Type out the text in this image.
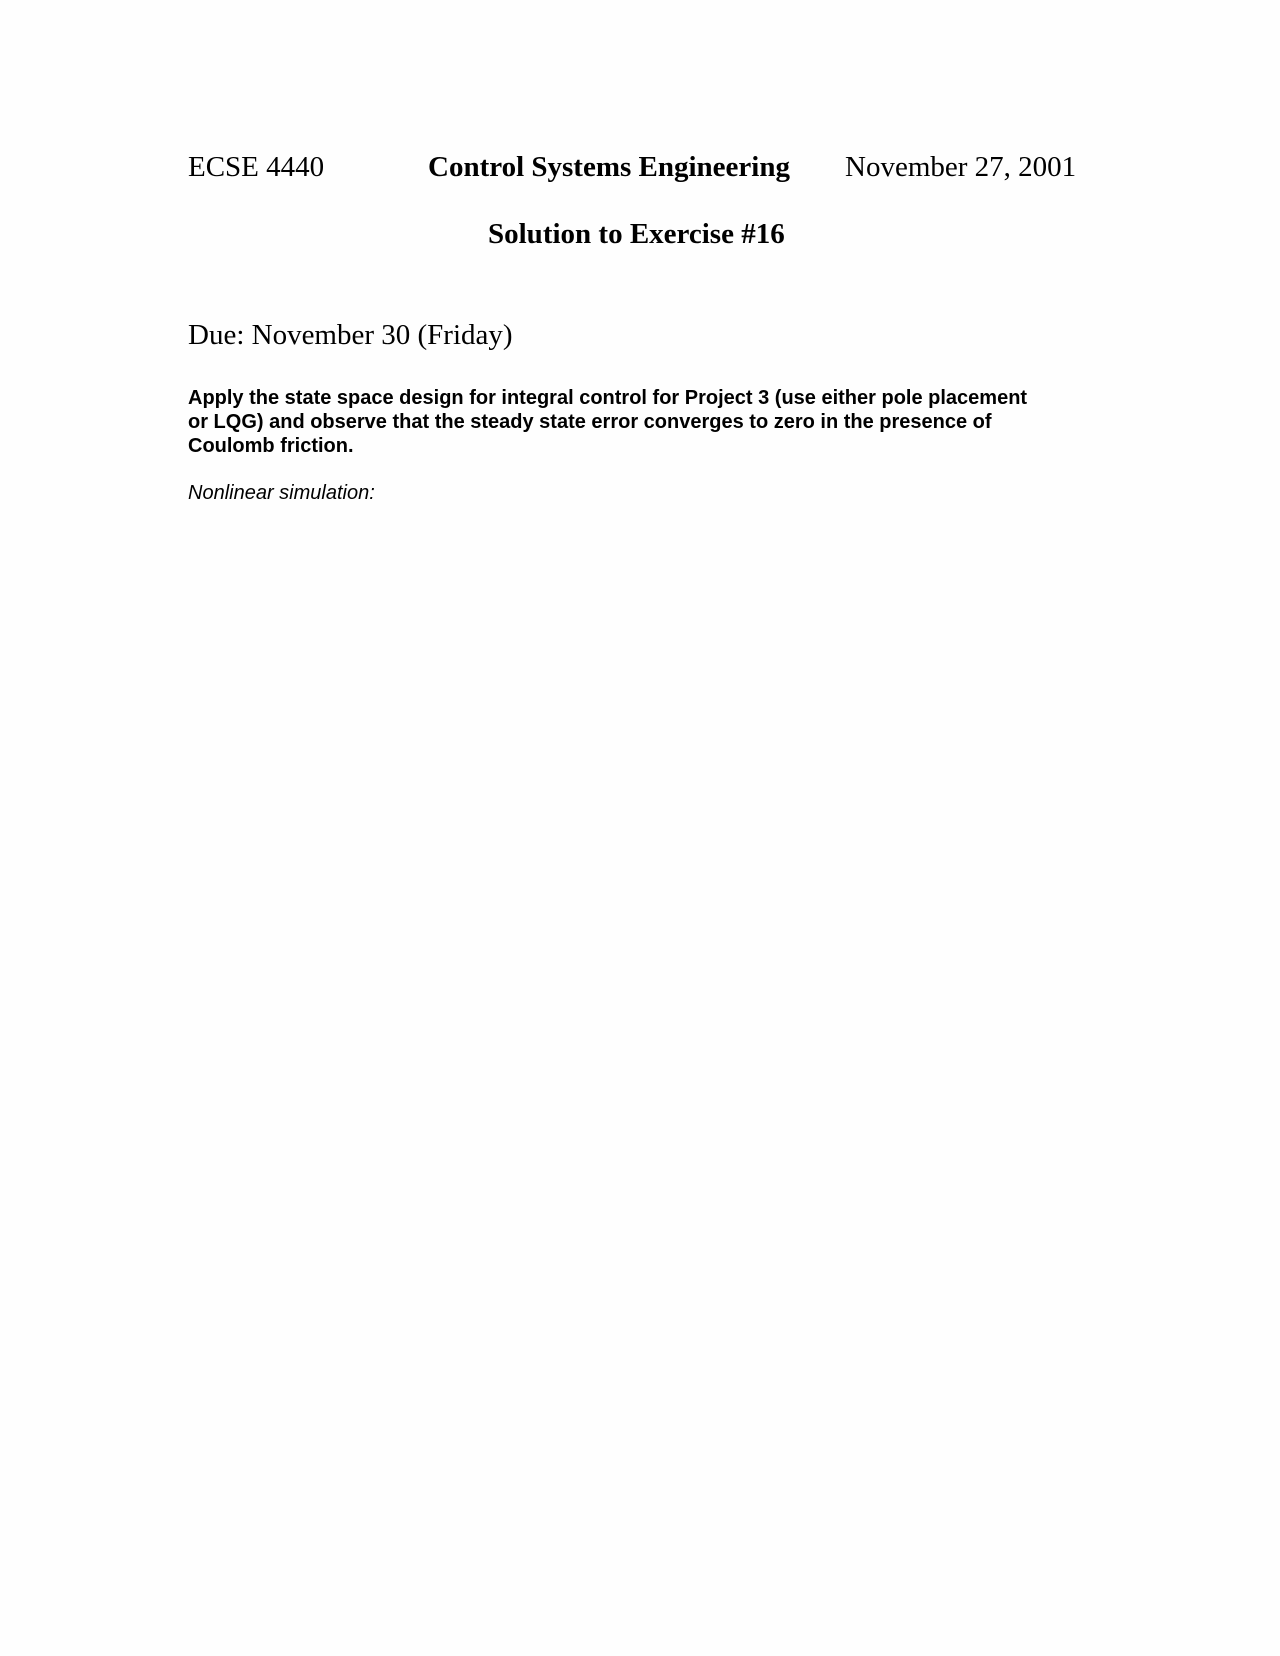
ECSE 4440	Control Systems Engineering November 27, 2001
Solution to Exercise #16
Due: November 30 (Friday)
Apply the state space design for integral control for Project 3 (use either pole placement
or LQG) and observe that the steady state error converges to zero in the presence of
Coulomb friction.
Nonlinear simulation:
